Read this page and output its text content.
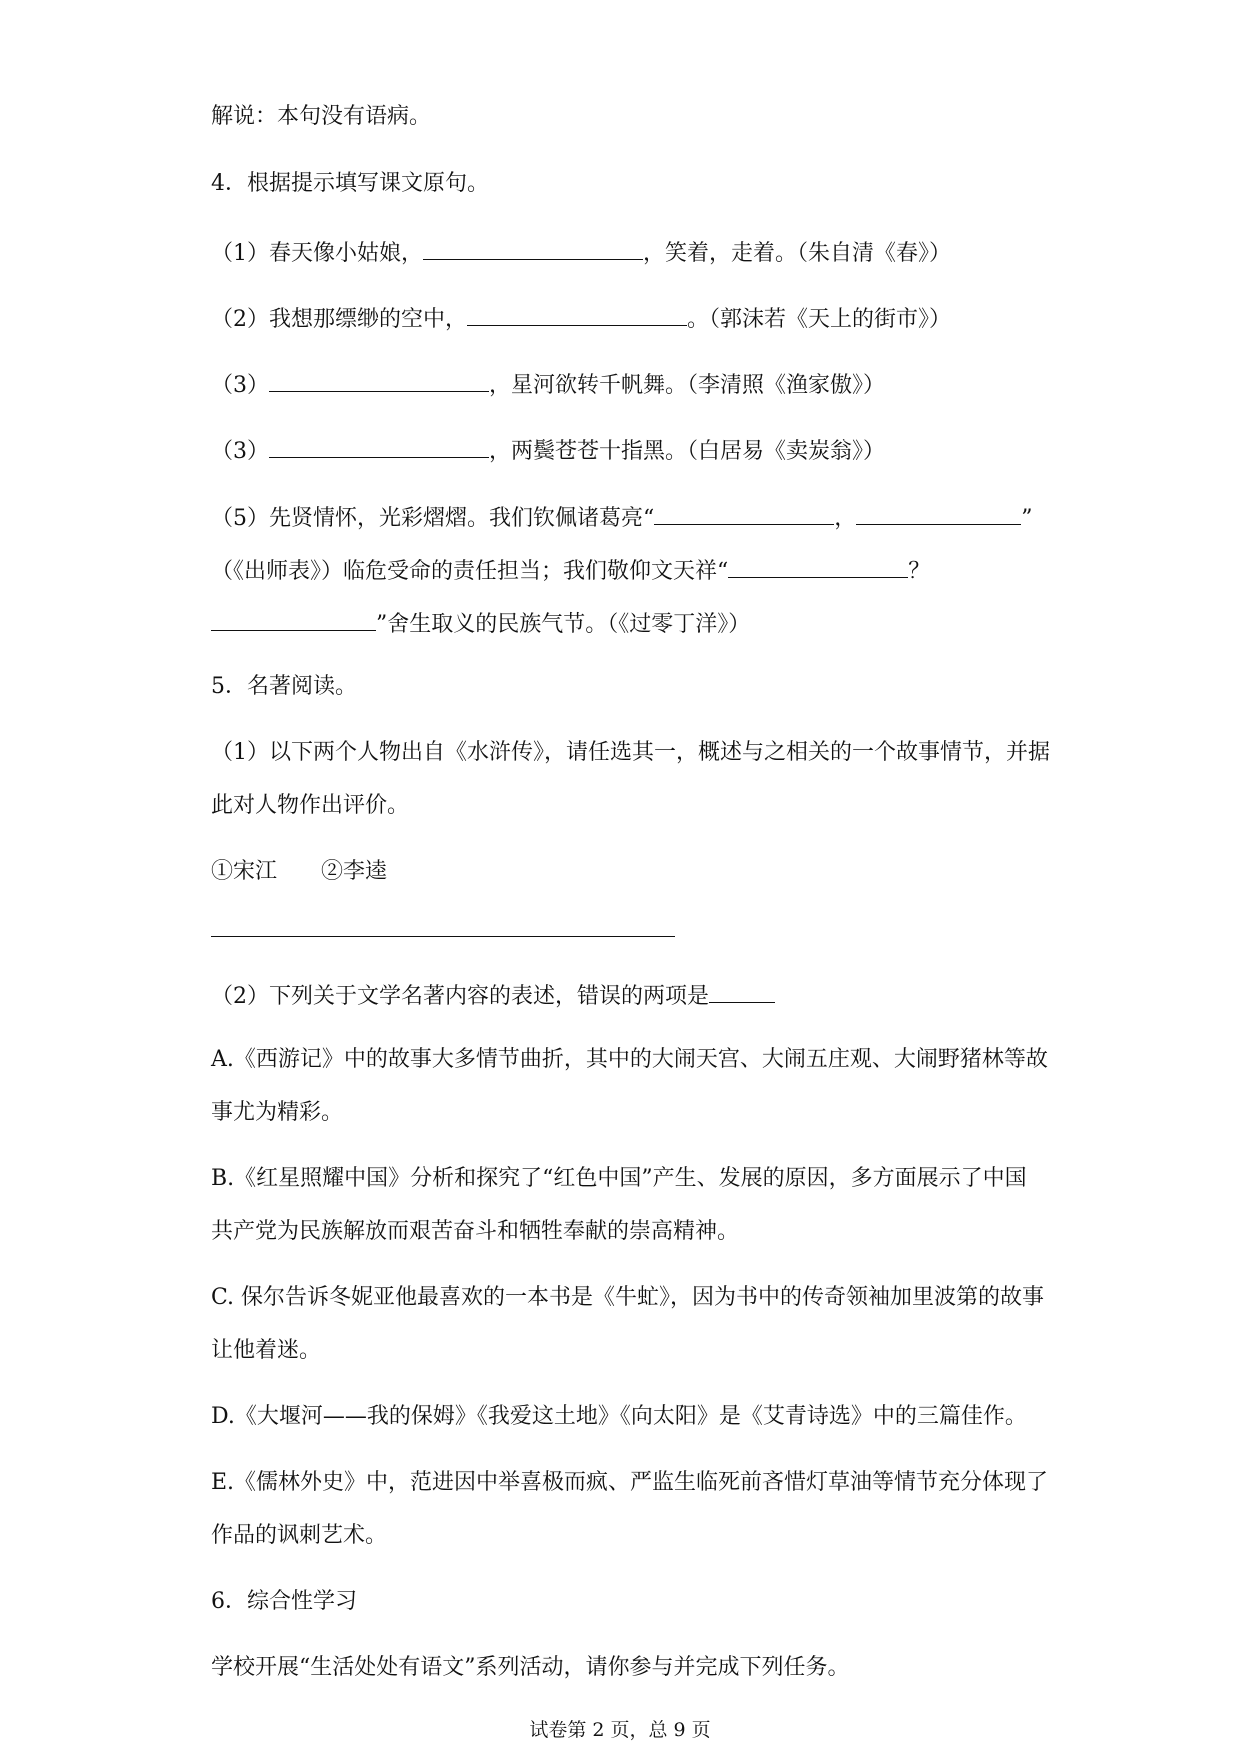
解说：本句没有语病。
4．根据提示填写课文原句。
（1）春天像小姑娘，	，笑着，走着。（朱自清《春》）
（2）我想那缥缈的空中，	。（郭沫若《天上的街市》）
（3）	，星河欲转千帆舞。（李清照《渔家傲》）
（3）	，两鬓苍苍十指黑。（白居易《卖炭翁》）
（5）先贤情怀，光彩熠熠。我们钦佩诸葛亮“	，	”
（《出师表》）临危受命的责任担当；我们敬仰文天祥“	？
”舍生取义的民族气节。（《过零丁洋》）
5．名著阅读。
（1）以下两个人物出自《水浒传》，请任选其一，概述与之相关的一个故事情节，并据
此对人物作出评价。
①宋江　　②李逵
（2）下列关于文学名著内容的表述，错误的两项是
A.《西游记》中的故事大多情节曲折，其中的大闹天宫、大闹五庄观、大闹野猪林等故
事尤为精彩。
B.《红星照耀中国》分析和探究了“红色中国”产生、发展的原因，多方面展示了中国
共产党为民族解放而艰苦奋斗和牺牲奉献的崇高精神。
C. 保尔告诉冬妮亚他最喜欢的一本书是《牛虻》，因为书中的传奇领袖加里波第的故事
让他着迷。
D.《大堰河——我的保姆》《我爱这土地》《向太阳》是《艾青诗选》中的三篇佳作。
E.《儒林外史》中，范进因中举喜极而疯、严监生临死前吝惜灯草油等情节充分体现了
作品的讽刺艺术。
6．综合性学习
学校开展“生活处处有语文”系列活动，请你参与并完成下列任务。
试卷第 2 页，总 9 页
